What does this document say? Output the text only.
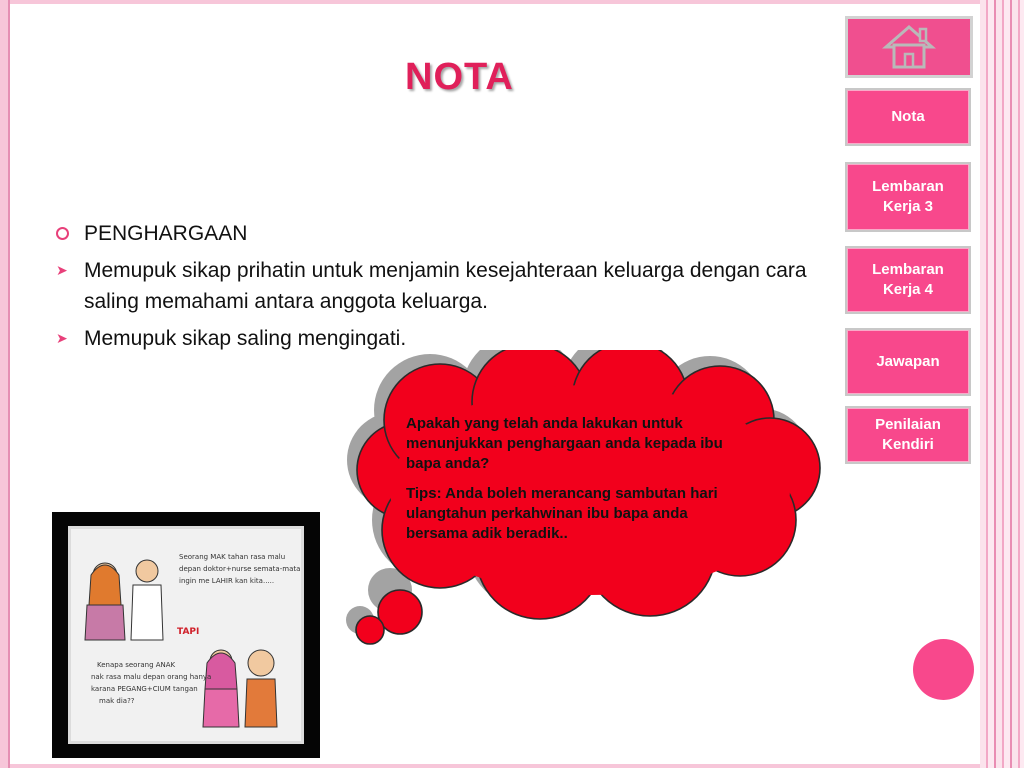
NOTA
PENGHARGAAN
➤ Memupuk sikap prihatin untuk menjamin kesejahteraan keluarga dengan cara saling memahami antara anggota keluarga.
➤ Memupuk sikap saling mengingati.
Nota
Lembaran Kerja 3
Lembaran Kerja 4
Jawapan
Penilaian Kendiri

Apakah yang telah anda lakukan untuk menunjukkan penghargaan anda kepada ibu bapa anda?

Tips: Anda boleh merancang sambutan hari ulangtahun perkahwinan ibu bapa anda bersama adik beradik..

Seorang MAK tahan rasa malu
depan doktor+nurse semata-mata
ingin me LAHIR kan kita.....
TAPI
Kenapa seorang ANAK
nak rasa malu depan orang hanya
karana PEGANG+CIUM tangan
mak dia??
